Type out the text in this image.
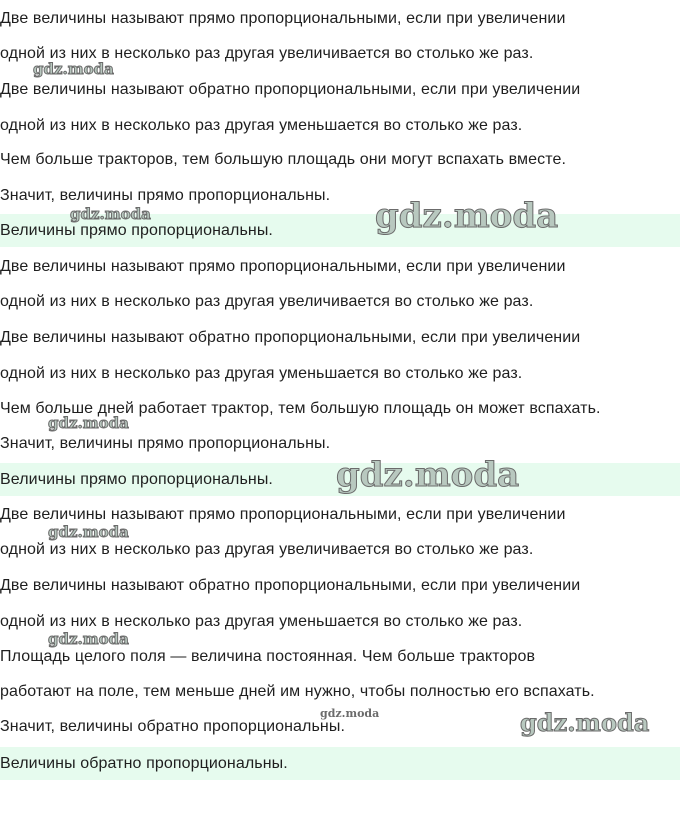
Две величины называют прямо пропорциональными, если при увеличении
одной из них в несколько раз другая увеличивается во столько же раз.
Две величины называют обратно пропорциональными, если при увеличении
одной из них в несколько раз другая уменьшается во столько же раз.
Чем больше тракторов, тем большую площадь они могут вспахать вместе.
Значит, величины прямо пропорциональны.
Величины прямо пропорциональны.
Две величины называют прямо пропорциональными, если при увеличении
одной из них в несколько раз другая увеличивается во столько же раз.
Две величины называют обратно пропорциональными, если при увеличении
одной из них в несколько раз другая уменьшается во столько же раз.
Чем больше дней работает трактор, тем большую площадь он может вспахать.
Значит, величины прямо пропорциональны.
Величины прямо пропорциональны.
Две величины называют прямо пропорциональными, если при увеличении
одной из них в несколько раз другая увеличивается во столько же раз.
Две величины называют обратно пропорциональными, если при увеличении
одной из них в несколько раз другая уменьшается во столько же раз.
Площадь целого поля — величина постоянная. Чем больше тракторов
работают на поле, тем меньше дней им нужно, чтобы полностью его вспахать.
Значит, величины обратно пропорциональны.
Величины обратно пропорциональны.
gdz.moda
gdz.moda	gdz.moda
gdz.moda
gdz.moda
gdz.moda
gdz.moda
gdz.moda	gdz.moda
